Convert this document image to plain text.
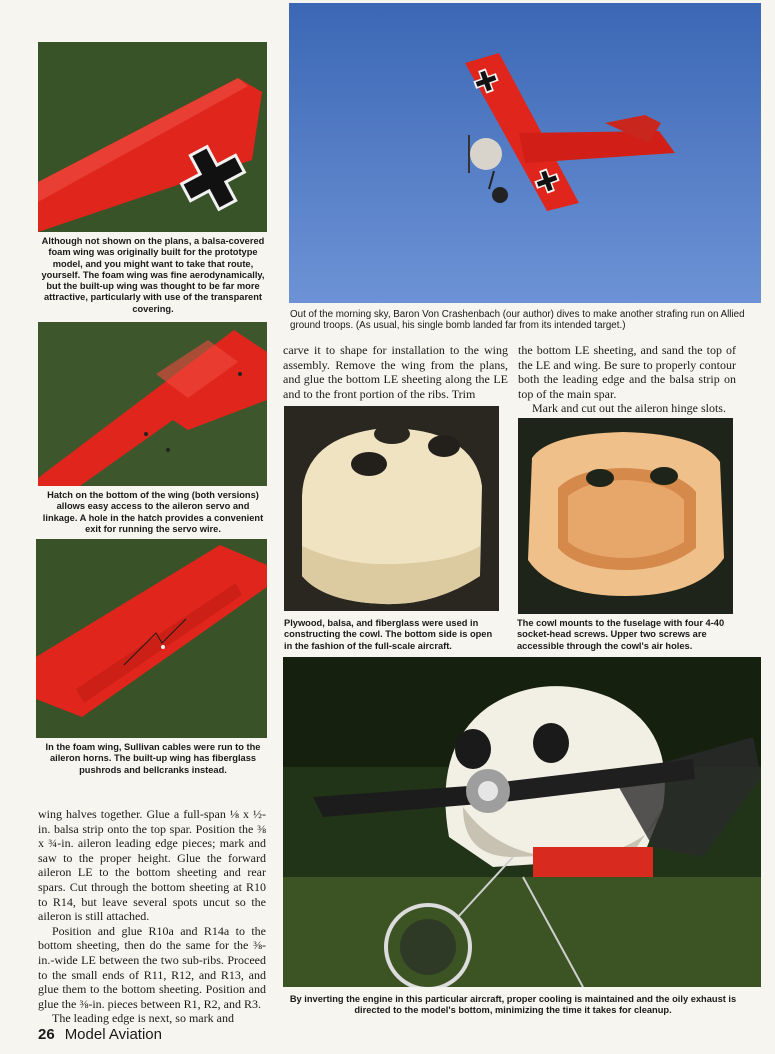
Although not shown on the plans, a balsa-covered foam wing was originally built for the prototype model, and you might want to take that route, yourself. The foam wing was fine aerodynamically, but the built-up wing was thought to be far more attractive, particularly with use of the transparent covering.
Out of the morning sky, Baron Von Crashenbach (our author) dives to make another strafing run on Allied ground troops. (As usual, his single bomb landed far from its intended target.)
Hatch on the bottom of the wing (both versions) allows easy access to the aileron servo and linkage. A hole in the hatch provides a convenient exit for running the servo wire.

carve it to shape for installation to the wing assembly. Remove the wing from the plans, and glue the bottom LE sheeting along the LE and to the front portion of the ribs. Trim

the bottom LE sheeting, and sand the top of the LE and wing. Be sure to properly contour both the leading edge and the balsa strip on top of the main spar.

Mark and cut out the aileron hinge slots.

Plywood, balsa, and fiberglass were used in constructing the cowl. The bottom side is open in the fashion of the full-scale aircraft.
The cowl mounts to the fuselage with four 4-40 socket-head screws. Upper two screws are accessible through the cowl's air holes.
In the foam wing, Sullivan cables were run to the aileron horns. The built-up wing has fiberglass pushrods and bellcranks instead.
By inverting the engine in this particular aircraft, proper cooling is maintained and the oily exhaust is directed to the model's bottom, minimizing the time it takes for cleanup.

wing halves together. Glue a full-span ⅛ x ½-in. balsa strip onto the top spar. Position the ⅜ x ¾-in. aileron leading edge pieces; mark and saw to the proper height. Glue the forward aileron LE to the bottom sheeting and rear spars. Cut through the bottom sheeting at R10 to R14, but leave several spots uncut so the aileron is still attached.

Position and glue R10a and R14a to the bottom sheeting, then do the same for the ⅜-in.-wide LE between the two sub-ribs. Proceed to the small ends of R11, R12, and R13, and glue them to the bottom sheeting. Position and glue the ⅜-in. pieces between R1, R2, and R3.

The leading edge is next, so mark and

26 Model Aviation
